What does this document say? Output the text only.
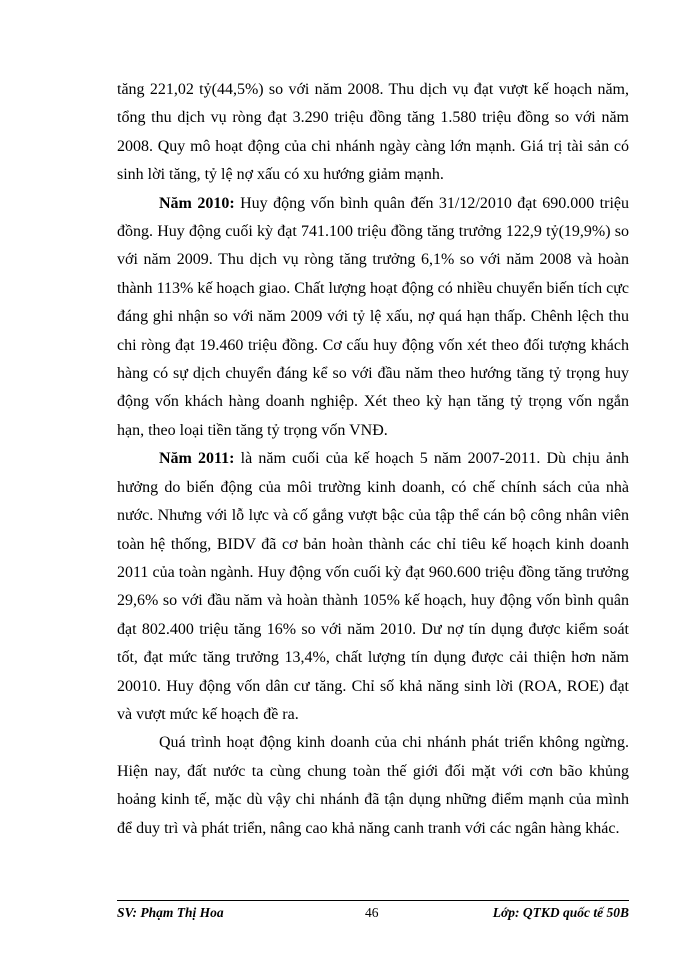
tăng 221,02 tỷ(44,5%) so với năm 2008. Thu dịch vụ đạt vượt kế hoạch năm, tổng thu dịch vụ ròng đạt 3.290 triệu đồng tăng 1.580 triệu đồng so với năm 2008. Quy mô hoạt động của chi nhánh ngày càng lớn mạnh. Giá trị tài sản có sinh lời tăng, tỷ lệ nợ xấu có xu hướng giảm mạnh.

Năm 2010: Huy động vốn bình quân đến 31/12/2010 đạt 690.000 triệu đồng. Huy động cuối kỳ đạt 741.100 triệu đồng tăng trưởng 122,9 tỷ(19,9%) so với năm 2009. Thu dịch vụ ròng tăng trưởng 6,1% so với năm 2008 và hoàn thành 113% kế hoạch giao. Chất lượng hoạt động có nhiều chuyển biến tích cực đáng ghi nhận so với năm 2009 với tỷ lệ xấu, nợ quá hạn thấp. Chênh lệch thu chi ròng đạt 19.460 triệu đồng. Cơ cấu huy động vốn xét theo đối tượng khách hàng có sự dịch chuyển đáng kể so với đầu năm theo hướng tăng tỷ trọng huy động vốn khách hàng doanh nghiệp. Xét theo kỳ hạn tăng tỷ trọng vốn ngắn hạn, theo loại tiền tăng tỷ trọng vốn VNĐ.

Năm 2011: là năm cuối của kế hoạch 5 năm 2007-2011. Dù chịu ảnh hưởng do biến động của môi trường kinh doanh, có chế chính sách của nhà nước. Nhưng với lỗ lực và cố gắng vượt bậc của tập thể cán bộ công nhân viên toàn hệ thống, BIDV đã cơ bản hoàn thành các chỉ tiêu kế hoạch kinh doanh 2011 của toàn ngành. Huy động vốn cuối kỳ đạt 960.600 triệu đồng tăng trưởng 29,6% so với đầu năm và hoàn thành 105% kế hoạch, huy động vốn bình quân đạt 802.400 triệu tăng 16% so với năm 2010. Dư nợ tín dụng được kiểm soát tốt, đạt mức tăng trưởng 13,4%, chất lượng tín dụng được cải thiện hơn năm 20010. Huy động vốn dân cư tăng. Chỉ số khả năng sinh lời (ROA, ROE) đạt và vượt mức kế hoạch đề ra.

Quá trình hoạt động kinh doanh của chi nhánh phát triển không ngừng. Hiện nay, đất nước ta cùng chung toàn thế giới đối mặt với cơn bão khủng hoảng kinh tế, mặc dù vậy chi nhánh đã tận dụng những điểm mạnh của mình để duy trì và phát triển, nâng cao khả năng canh tranh với các ngân hàng khác.

SV: Phạm Thị Hoa	46	Lớp: QTKD quốc tế 50B
